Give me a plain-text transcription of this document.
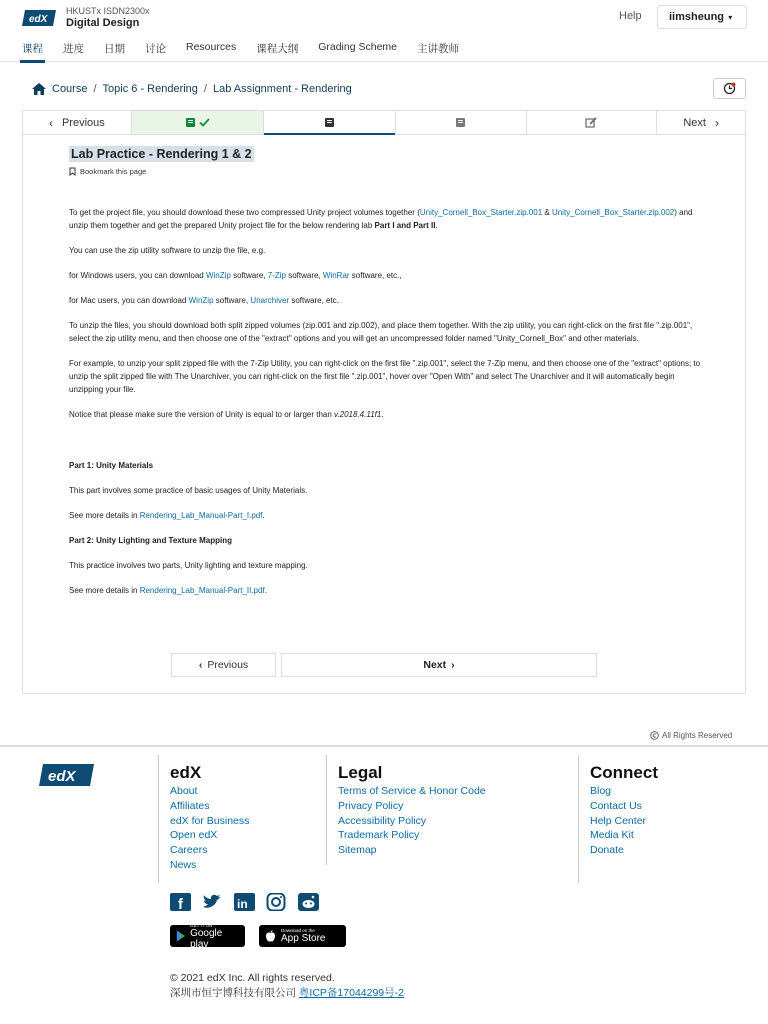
edX
HKUSTx ISDN2300x
Digital Design
Help	iimsheung ▾
课程 进度 日期 讨论 Resources 课程大纲 Grading Scheme 主讲教师
Course / Topic 6 - Rendering / Lab Assignment - Rendering
‹ Previous	Next ›
Lab Practice - Rendering 1 & 2
Bookmark this page

To get the project file, you should download these two compressed Unity project volumes together (Unity_Cornell_Box_Starter.zip.001 & Unity_Cornell_Box_Starter.zip.002) and unzip them together and get the prepared Unity project file for the below rendering lab Part I and Part II.

You can use the zip utility software to unzip the file, e.g.

for Windows users, you can download WinZip software, 7-Zip software, WinRar software, etc.,

for Mac users, you can download WinZip software, Unarchiver software, etc.

To unzip the files, you should download both split zipped volumes (zip.001 and zip.002), and place them together. With the zip utility, you can right-click on the first file ".zip.001", select the zip utility menu, and then choose one of the "extract" options and you will get an uncompressed folder named "Unity_Cornell_Box" and other materials.

For example, to unzip your split zipped file with the 7-Zip Utility, you can right-click on the first file ".zip.001", select the 7-Zip menu, and then choose one of the "extract" options; to unzip the split zipped file with The Unarchiver, you can right-click on the first file ".zip.001", hover over "Open With" and select The Unarchiver and it will automatically begin unzipping your file.

Notice that please make sure the version of Unity is equal to or larger than v.2018.4.11f1.

Part 1: Unity Materials

This part involves some practice of basic usages of Unity Materials.

See more details in Rendering_Lab_Manual-Part_I.pdf.

Part 2: Unity Lighting and Texture Mapping

This practice involves two parts, Unity lighting and texture mapping.

See more details in Rendering_Lab_Manual-Part_II.pdf.

‹ Previous	Next ›
All Rights Reserved
edX	edX
About
Affiliates
edX for Business
Open edX
Careers
News
Legal
Terms of Service & Honor Code
Privacy Policy
Accessibility Policy
Trademark Policy
Sitemap
Connect
Blog
Contact Us
Help Center
Media Kit
Donate
f	in
GET IT ON
Google play
Download on the
App Store
© 2021 edX Inc. All rights reserved.
深圳市恒宇博科技有限公司 粤ICP备17044299号-2
